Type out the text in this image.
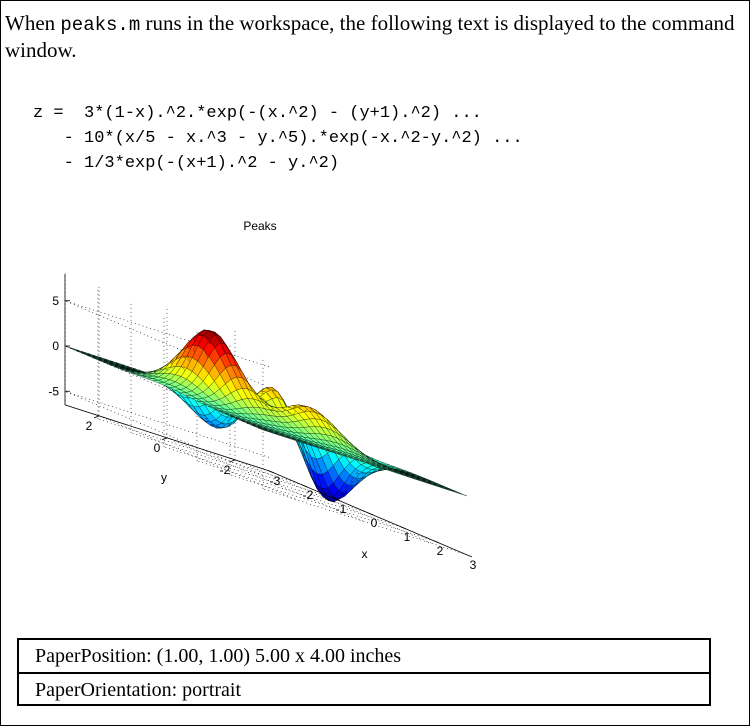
When peaks.m runs in the workspace, the following text is displayed to the command window.
z =  3*(1-x).^2.*exp(-(x.^2) - (y+1).^2) ...
- 10*(x/5 - x.^3 - y.^5).*exp(-x.^2-y.^2) ...
- 1/3*exp(-(x+1).^2 - y.^2)
-3
-2
-1
0
1
2
3
-2
0
2
-5
0
5
x
y
Peaks
PaperPosition: (1.00, 1.00) 5.00 x 4.00 inches
PaperOrientation: portrait
